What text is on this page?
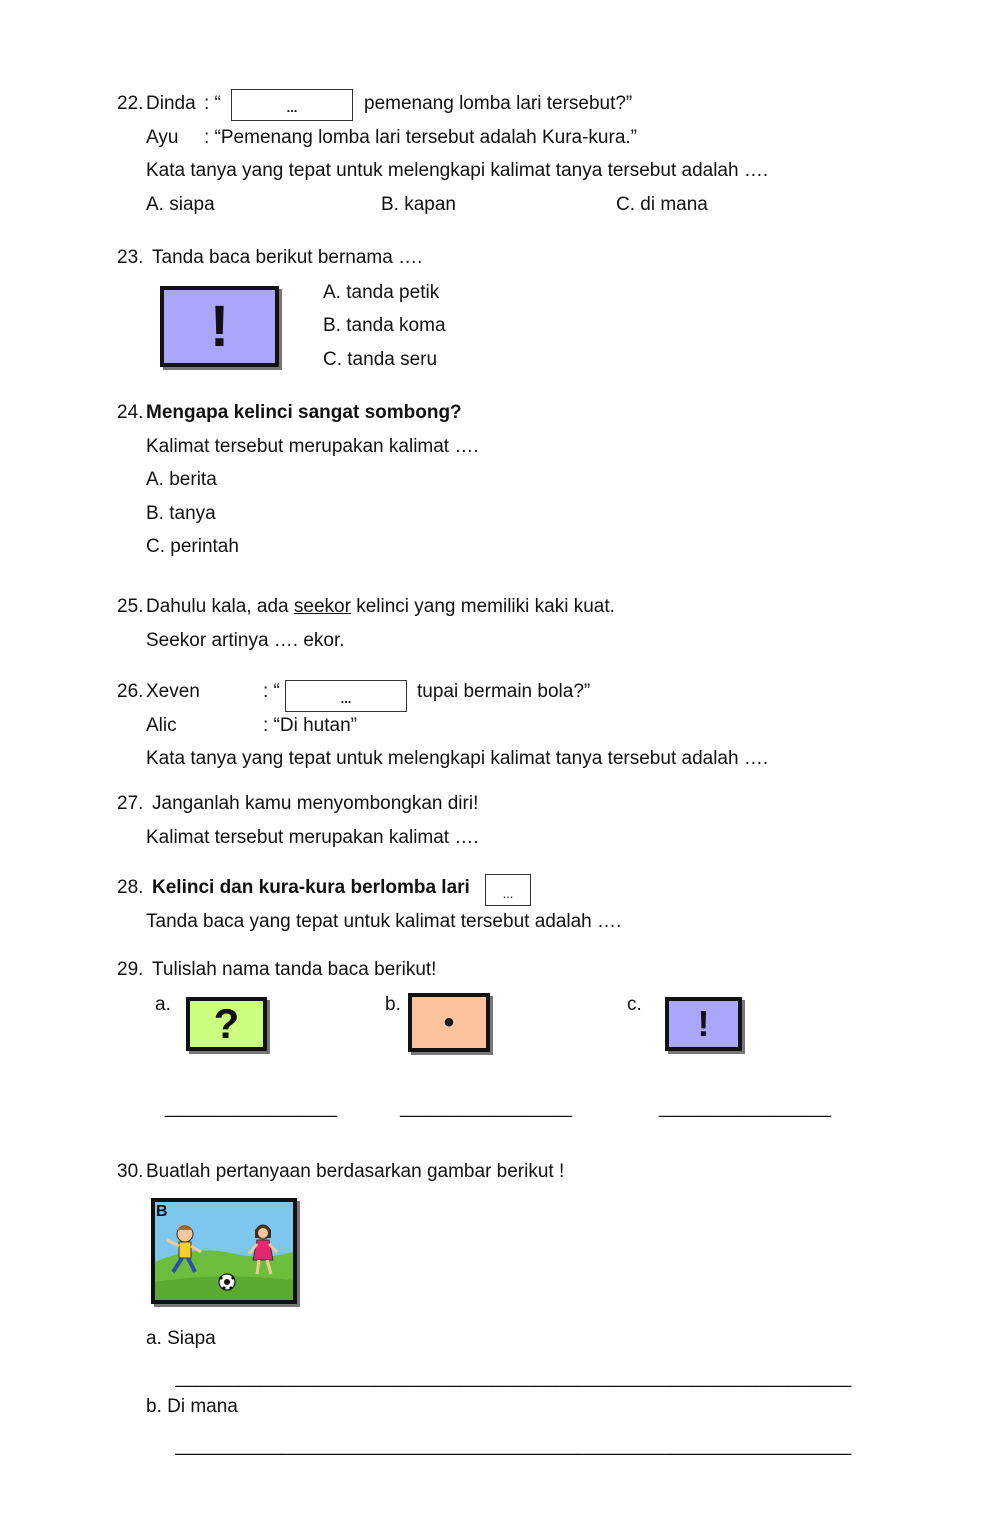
22. Dinda : “	...	pemenang lomba lari tersebut?”
Ayu : “Pemenang lomba lari tersebut adalah Kura-kura.”
Kata tanya yang tepat untuk melengkapi kalimat tanya tersebut adalah ….
A. siapa	B. kapan	C. di mana
23. Tanda baca berikut bernama ….
!
A. tanda petik
B. tanda koma
C. tanda seru
24. Mengapa kelinci sangat sombong?
Kalimat tersebut merupakan kalimat ….
A. berita
B. tanya
C. perintah
25. Dahulu kala, ada seekor kelinci yang memiliki kaki kuat.
Seekor artinya …. ekor.
26. Xeven	: “	...	tupai bermain bola?”
Alic	: “Di hutan”
Kata tanya yang tepat untuk melengkapi kalimat tanya tersebut adalah ….
27. Janganlah kamu menyombongkan diri!
Kalimat tersebut merupakan kalimat ….
28. Kelinci dan kura-kura berlomba lari	...
Tanda baca yang tepat untuk kalimat tersebut adalah ….
29. Tulislah nama tanda baca berikut!
a. ?	b.
•
c. !
________________	________________	________________
30. Buatlah pertanyaan berdasarkan gambar berikut !
B
a. Siapa
________________________________________________________________
b. Di mana
________________________________________________________________
